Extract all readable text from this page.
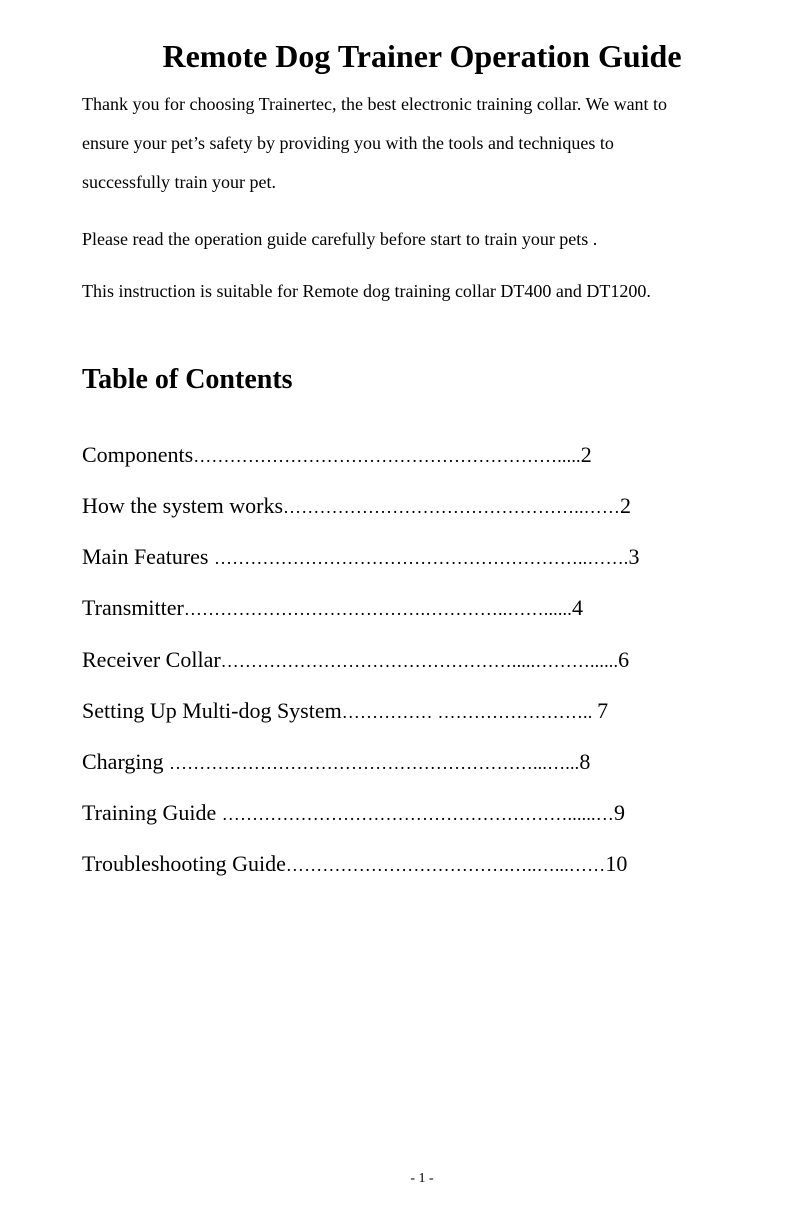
Remote Dog Trainer Operation Guide
Thank you for choosing Trainertec, the best electronic training collar. We want to
ensure your pet’s safety by providing you with the tools and techniques to
successfully train your pet.
Please read the operation guide carefully before start to train your pets .
This instruction is suitable for Remote dog training collar DT400 and DT1200.
Table of Contents
Components…………………………………………………….....2
How the system works…………………………………………..……2
Main Features ……………………………………………………..…….3
Transmitter………………………………….…………..……......4
Receiver Collar………………………………………….....………......6
Setting Up Multi-dog System…………… …………………….. 7
Charging ……………………………………………………...…...8
Training Guide …………………………………………………......…9
Troubleshooting Guide……………………………….…..…...……10
- 1 -
